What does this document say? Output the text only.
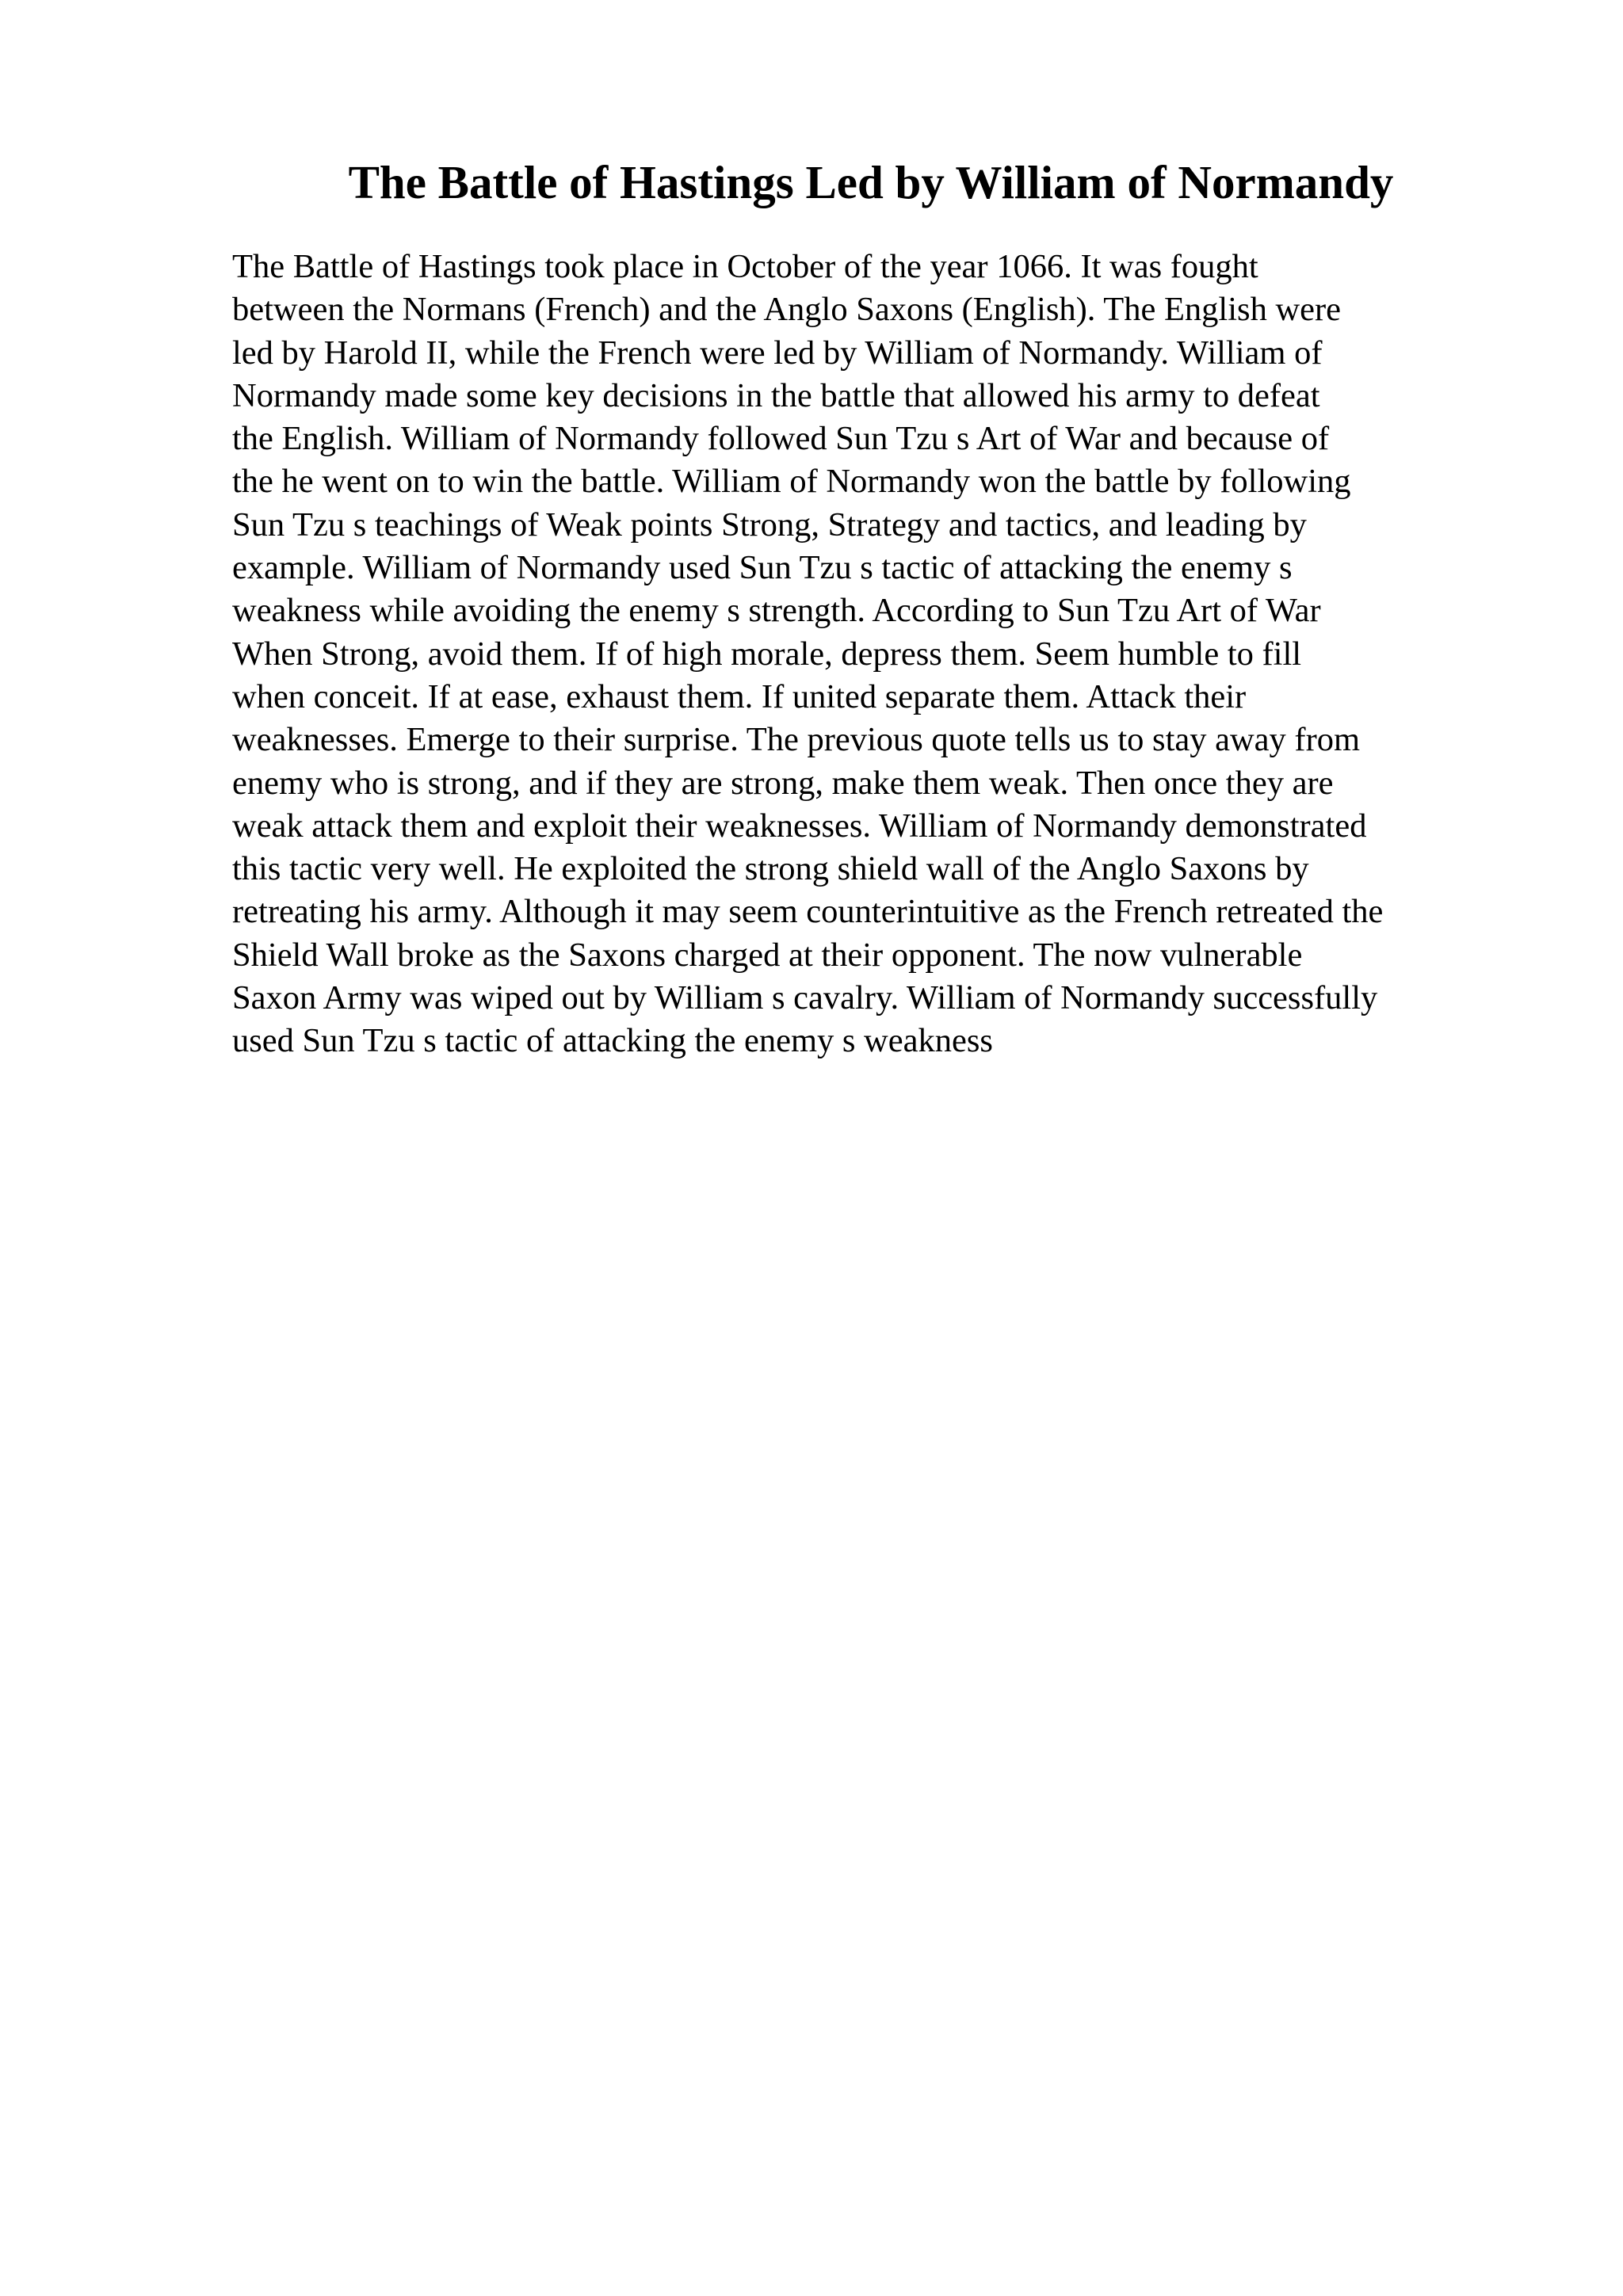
The Battle of Hastings Led by William of Normandy
The Battle of Hastings took place in October of the year 1066. It was fought
between the Normans (French) and the Anglo Saxons (English). The English were
led by Harold II, while the French were led by William of Normandy. William of
Normandy made some key decisions in the battle that allowed his army to defeat
the English. William of Normandy followed Sun Tzu s Art of War and because of
the he went on to win the battle. William of Normandy won the battle by following
Sun Tzu s teachings of Weak points Strong, Strategy and tactics, and leading by
example. William of Normandy used Sun Tzu s tactic of attacking the enemy s
weakness while avoiding the enemy s strength. According to Sun Tzu Art of War
When Strong, avoid them. If of high morale, depress them. Seem humble to fill
when conceit. If at ease, exhaust them. If united separate them. Attack their
weaknesses. Emerge to their surprise. The previous quote tells us to stay away from
enemy who is strong, and if they are strong, make them weak. Then once they are
weak attack them and exploit their weaknesses. William of Normandy demonstrated
this tactic very well. He exploited the strong shield wall of the Anglo Saxons by
retreating his army. Although it may seem counterintuitive as the French retreated the
Shield Wall broke as the Saxons charged at their opponent. The now vulnerable
Saxon Army was wiped out by William s cavalry. William of Normandy successfully
used Sun Tzu s tactic of attacking the enemy s weakness
